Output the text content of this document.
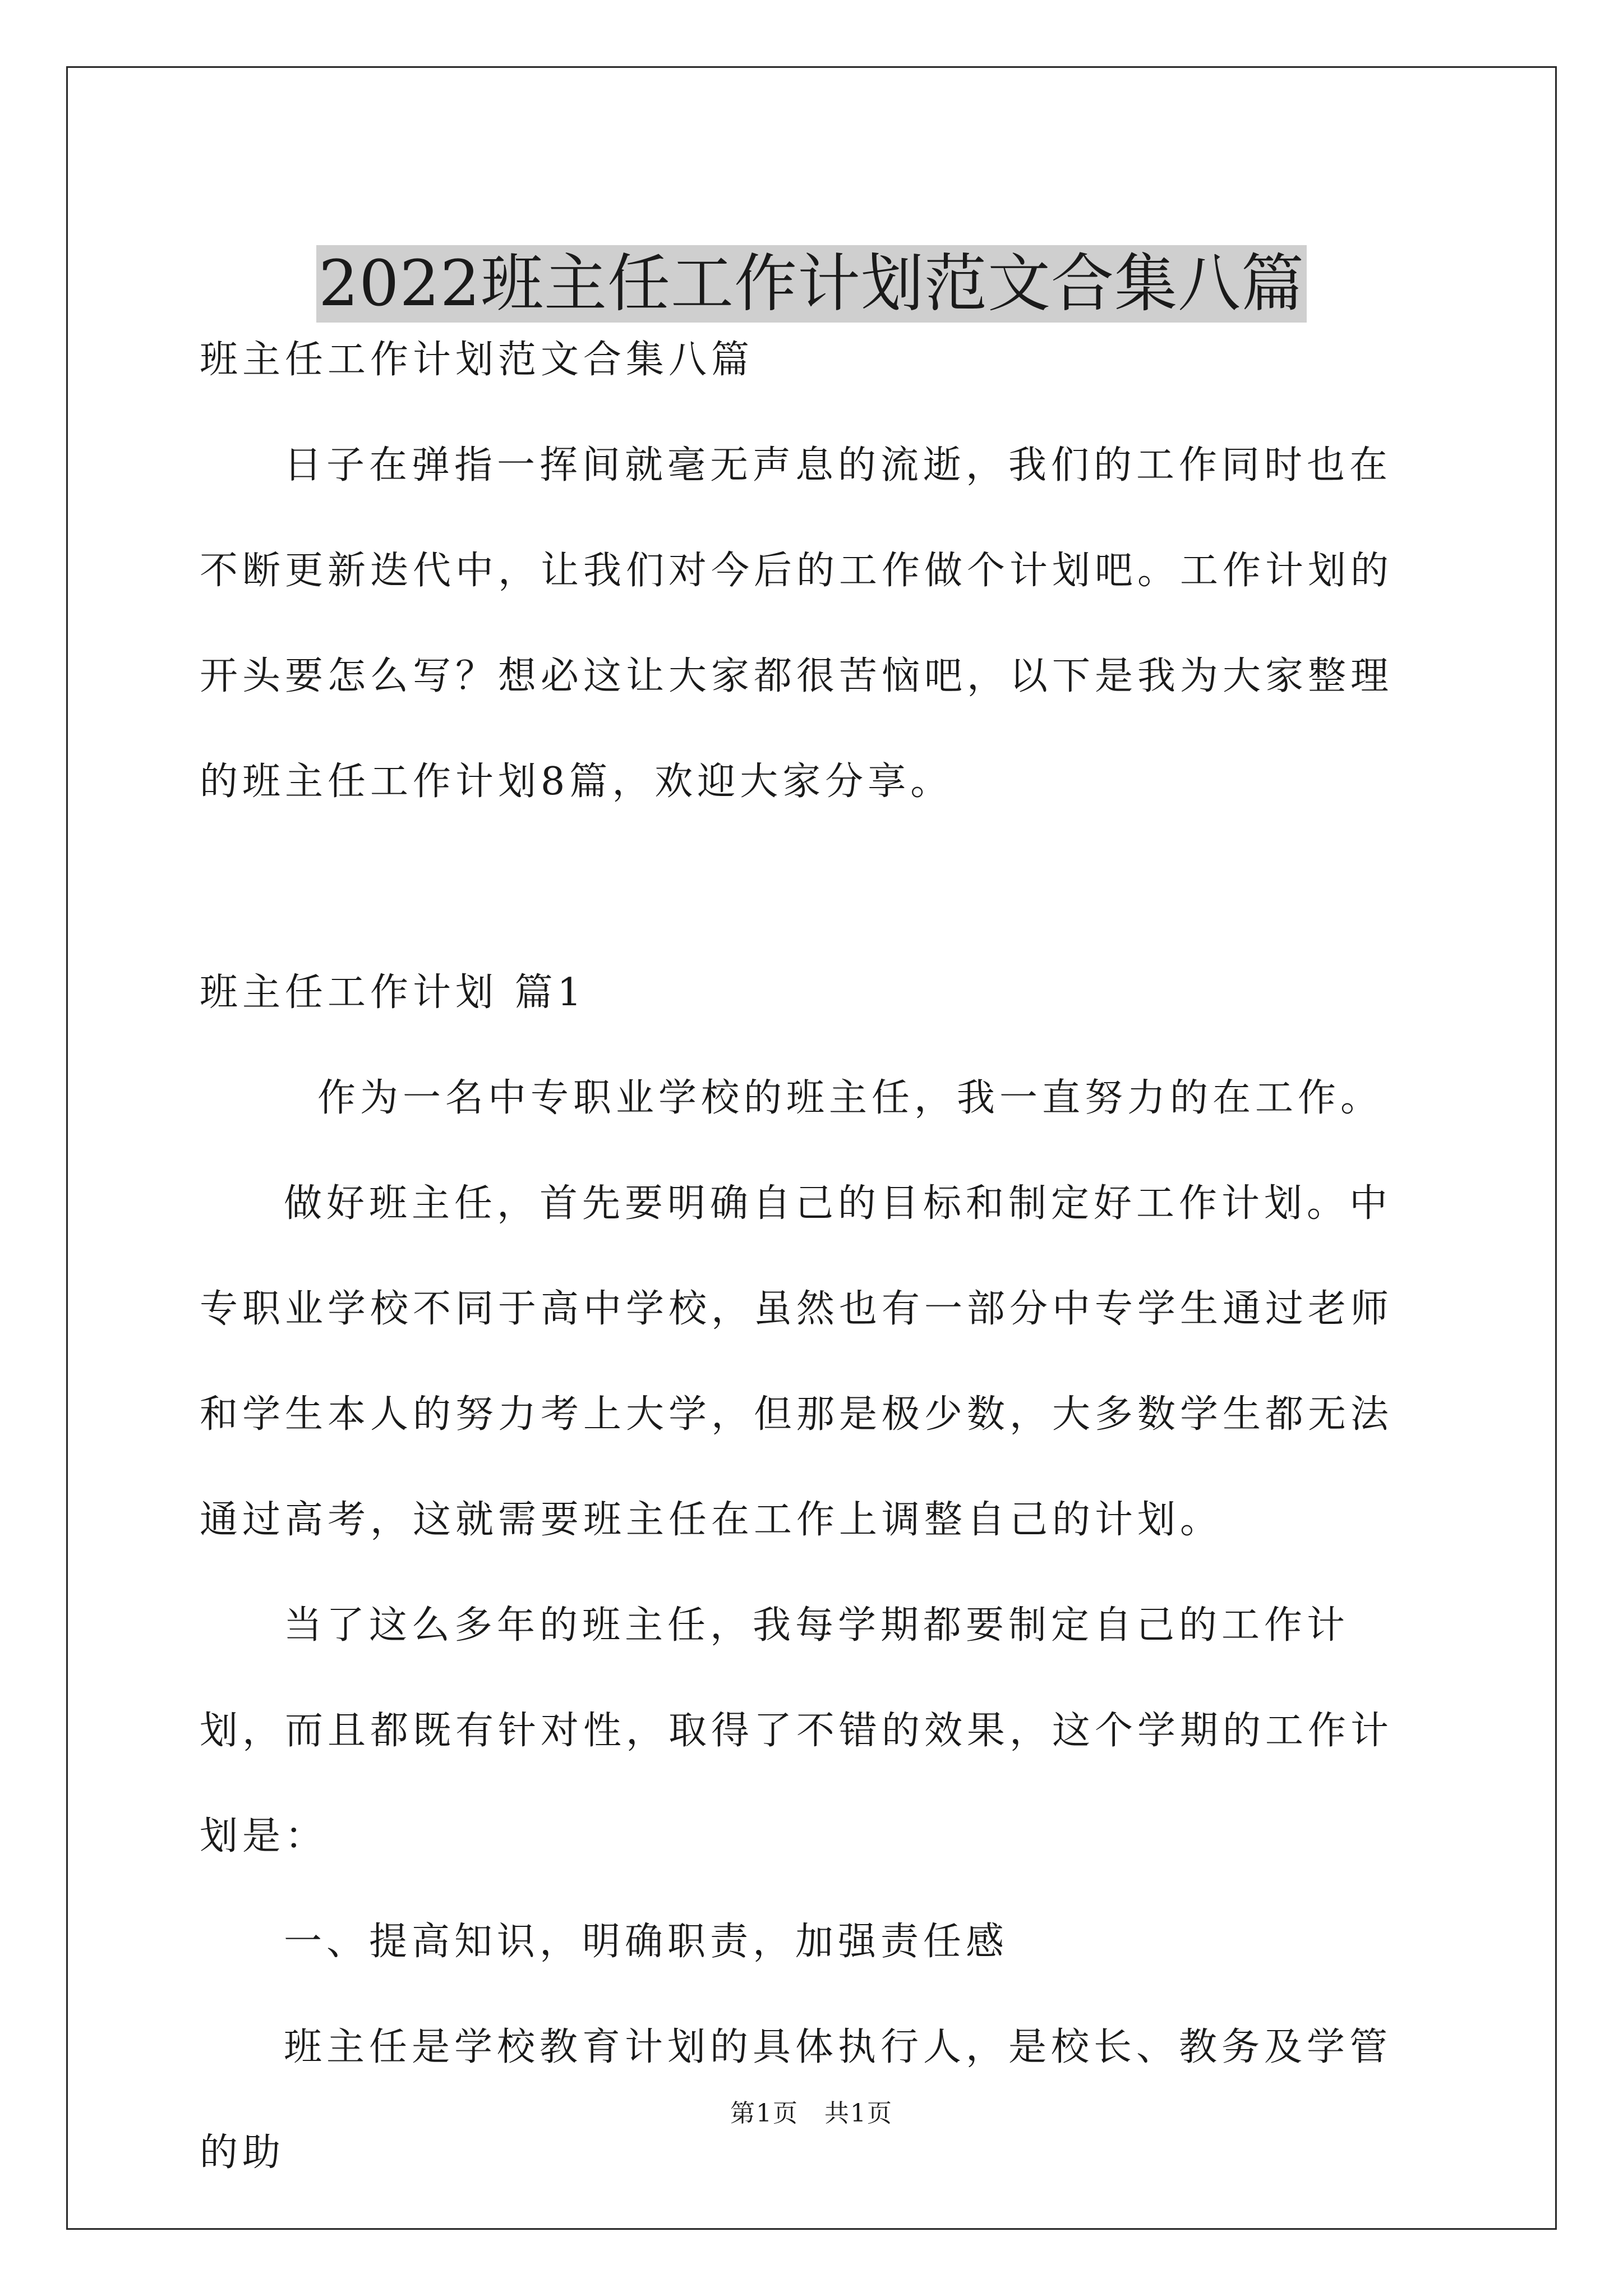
2022班主任工作计划范文合集八篇

班主任工作计划范文合集八篇

日子在弹指一挥间就毫无声息的流逝，我们的工作同时也在不断更新迭代中，让我们对今后的工作做个计划吧。工作计划的开头要怎么写？想必这让大家都很苦恼吧，以下是我为大家整理的班主任工作计划8篇，欢迎大家分享。

班主任工作计划 篇1

作为一名中专职业学校的班主任，我一直努力的在工作。

做好班主任，首先要明确自己的目标和制定好工作计划。中专职业学校不同于高中学校，虽然也有一部分中专学生通过老师和学生本人的努力考上大学，但那是极少数，大多数学生都无法通过高考，这就需要班主任在工作上调整自己的计划。

当了这么多年的班主任，我每学期都要制定自己的工作计划，而且都既有针对性，取得了不错的效果，这个学期的工作计划是：

一、提高知识，明确职责，加强责任感

班主任是学校教育计划的具体执行人，是校长、教务及学管的助

第1页　共1页
